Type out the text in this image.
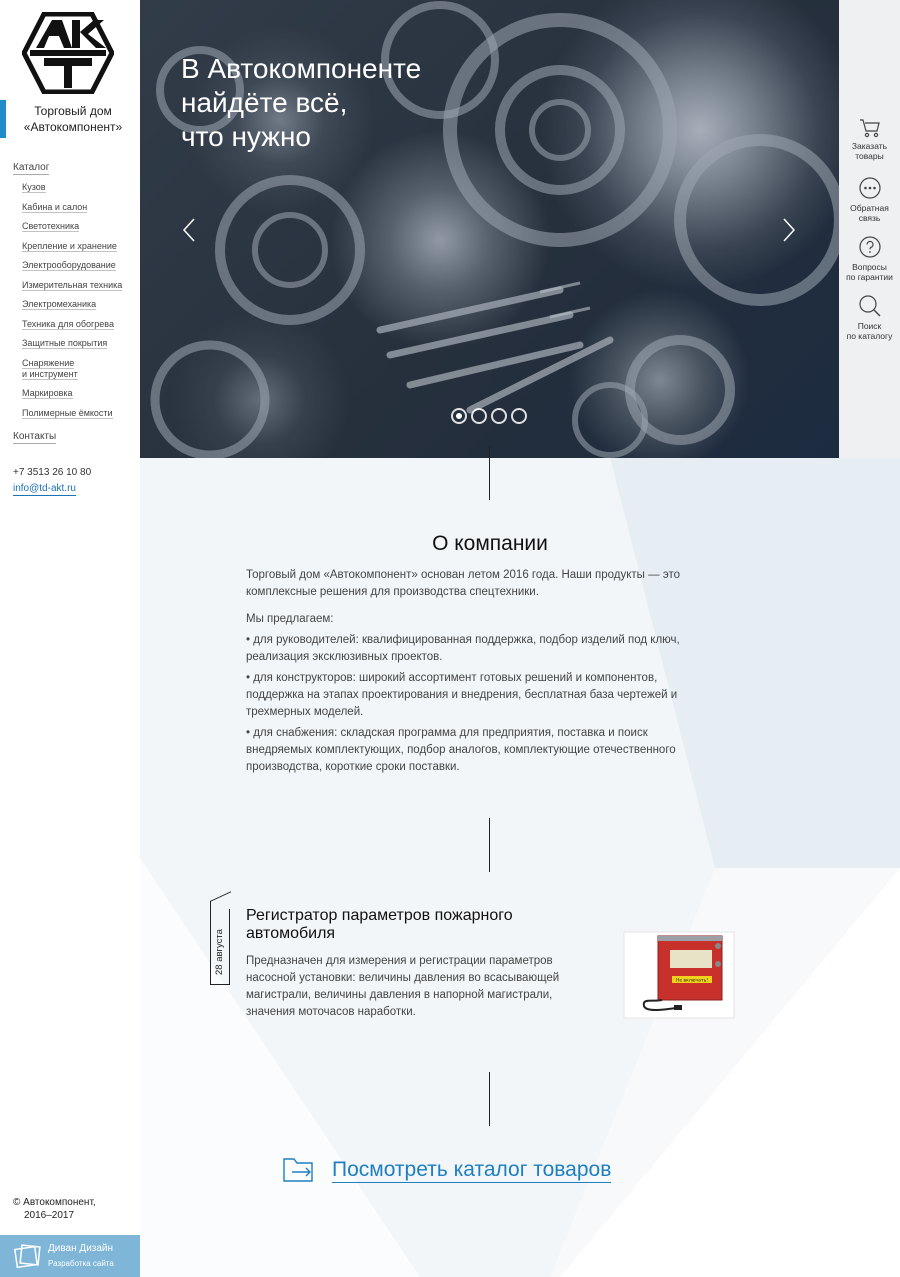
Торговый дом
«Автокомпонент»
Каталог
Кузов
Кабина и салон
Светотехника
Крепление и хранение
Электрооборудование
Измерительная техника
Электромеханика
Техника для обогрева
Защитные покрытия
Снаряжение
и инструмент
Маркировка
Полимерные ёмкости
Контакты
+7 3513 26 10 80
info@td-akt.ru
© Автокомпонент,
2016–2017
Диван Дизайн
Разработка сайта
В Автокомпоненте
найдёте всё,
что нужно	Заказать
товары
Обратная
связь
Вопросы
по гарантии
Поиск
по каталогу
О компании

Торговый дом «Автокомпонент» основан летом 2016 года. Наши продукты — это комплексные решения для производства спецтехники.

Мы предлагаем:

• для руководителей: квалифицированная поддержка, подбор изделий под ключ, реализация эксклюзивных проектов.

• для конструкторов: широкий ассортимент готовых решений и компонентов, поддержка на этапах проектирования и внедрения, бесплатная база чертежей и трехмерных моделей.

• для снабжения: складская программа для предприятия, поставка и поиск внедряемых комплектующих, подбор аналогов, комплектующие отечественного производства, короткие сроки поставки.

28 августа
Регистратор параметров пожарного автомобиля

Предназначен для измерения и регистрации параметров насосной установки: величины давления во всасывающей магистрали, величины давления в напорной магистрали, значения моточасов наработки.

Не включать!
Посмотреть каталог товаров
